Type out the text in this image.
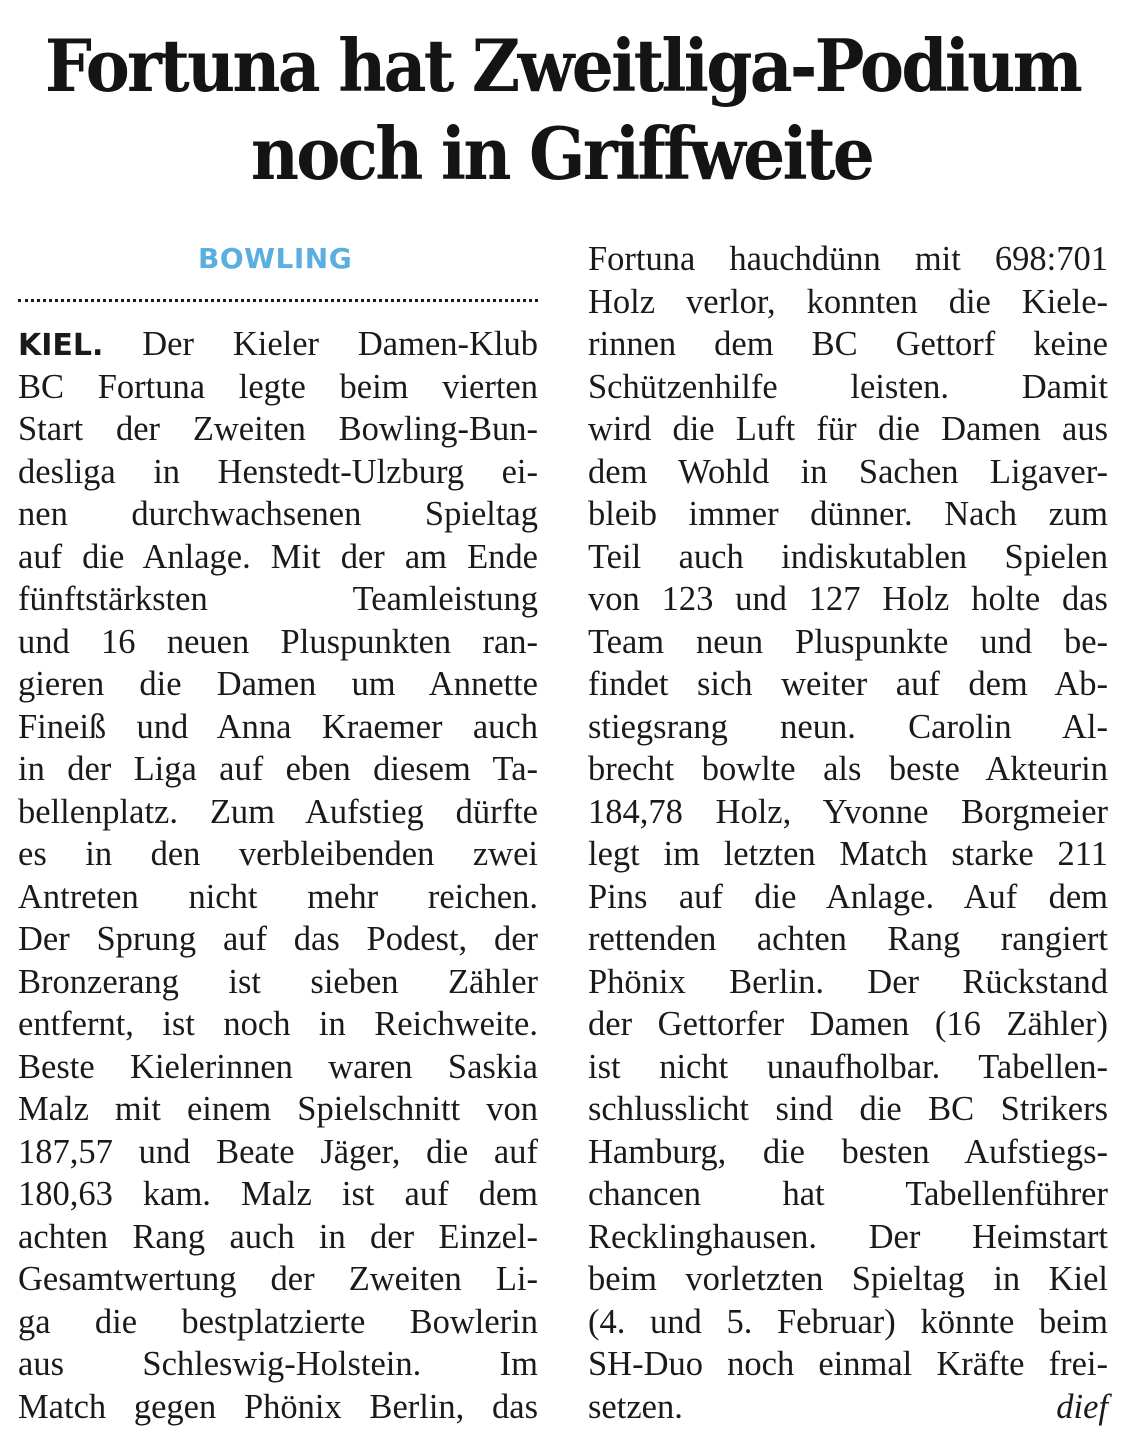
Fortuna hat Zweitliga-Podium
noch in Griffweite
BOWLING
KIEL. Der Kieler Damen-Klub
BC Fortuna legte beim vierten
Start der Zweiten Bowling-Bun-
desliga in Henstedt-Ulzburg ei-
nen durchwachsenen Spieltag
auf die Anlage. Mit der am Ende
fünftstärksten Teamleistung
und 16 neuen Pluspunkten ran-
gieren die Damen um Annette
Fineiß und Anna Kraemer auch
in der Liga auf eben diesem Ta-
bellenplatz. Zum Aufstieg dürfte
es in den verbleibenden zwei
Antreten nicht mehr reichen.
Der Sprung auf das Podest, der
Bronzerang ist sieben Zähler
entfernt, ist noch in Reichweite.
Beste Kielerinnen waren Saskia
Malz mit einem Spielschnitt von
187,57 und Beate Jäger, die auf
180,63 kam. Malz ist auf dem
achten Rang auch in der Einzel-
Gesamtwertung der Zweiten Li-
ga die bestplatzierte Bowlerin
aus Schleswig-Holstein. Im
Match gegen Phönix Berlin, das
Fortuna hauchdünn mit 698:701
Holz verlor, konnten die Kiele-
rinnen dem BC Gettorf keine
Schützenhilfe leisten. Damit
wird die Luft für die Damen aus
dem Wohld in Sachen Ligaver-
bleib immer dünner. Nach zum
Teil auch indiskutablen Spielen
von 123 und 127 Holz holte das
Team neun Pluspunkte und be-
findet sich weiter auf dem Ab-
stiegsrang neun. Carolin Al-
brecht bowlte als beste Akteurin
184,78 Holz, Yvonne Borgmeier
legt im letzten Match starke 211
Pins auf die Anlage. Auf dem
rettenden achten Rang rangiert
Phönix Berlin. Der Rückstand
der Gettorfer Damen (16 Zähler)
ist nicht unaufholbar. Tabellen-
schlusslicht sind die BC Strikers
Hamburg, die besten Aufstiegs-
chancen hat Tabellenführer
Recklinghausen. Der Heimstart
beim vorletzten Spieltag in Kiel
(4. und 5. Februar) könnte beim
SH-Duo noch einmal Kräfte frei-
setzen.	dief
